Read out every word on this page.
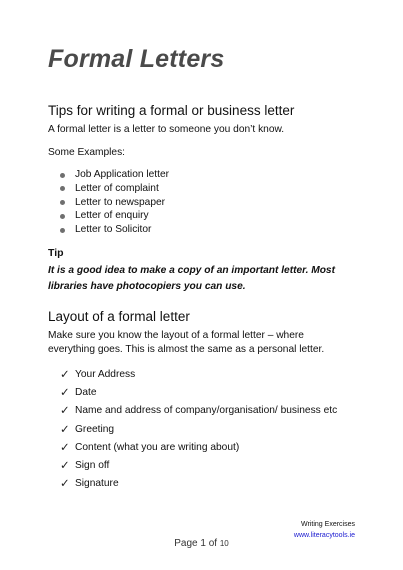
Formal Letters
Tips for writing a formal or business letter
A formal letter is a letter to someone you don’t know.
Some Examples:
Job Application letter
Letter of complaint
Letter to newspaper
Letter of enquiry
Letter to Solicitor
Tip
It is a good idea to make a copy of an important letter. Most libraries have photocopiers you can use.
Layout of a formal letter
Make sure you know the layout of a formal letter – where everything goes. This is almost the same as a personal letter.
✓ Your Address
✓ Date
✓ Name and address of company/organisation/ business etc
✓ Greeting
✓ Content (what you are writing about)
✓ Sign off
✓ Signature
Writing Exercises
www.literacytools.ie
Page 1 of 10
